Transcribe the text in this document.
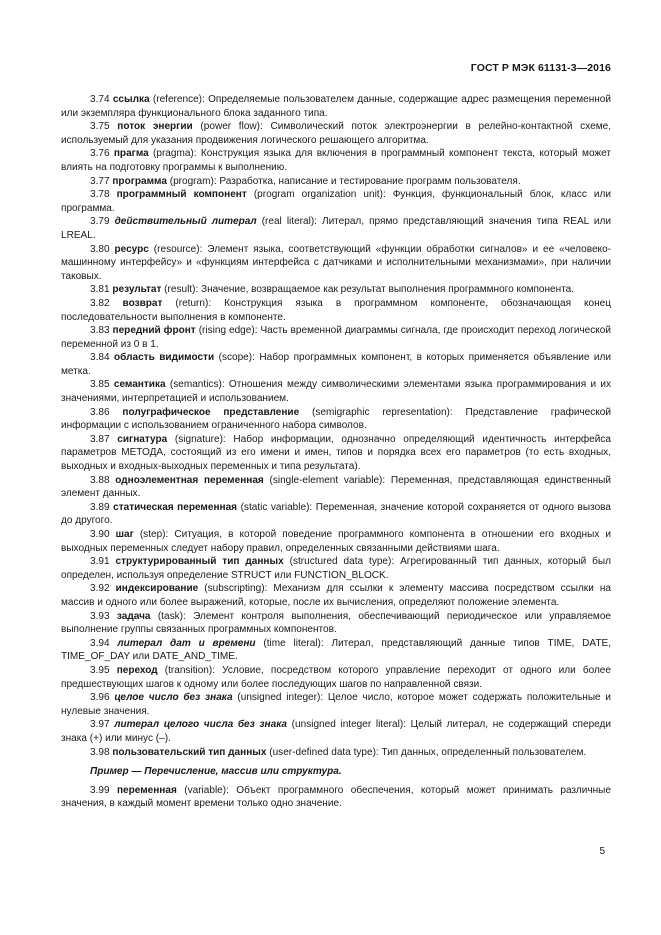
ГОСТ Р МЭК 61131-3—2016

3.74 ссылка (reference): Определяемые пользователем данные, содержащие адрес размещения переменной или экземпляра функционального блока заданного типа.

3.75 поток энергии (power flow): Символический поток электроэнергии в релейно-контактной схеме, используемый для указания продвижения логического решающего алгоритма.

3.76 прагма (pragma): Конструкция языка для включения в программный компонент текста, который может влиять на подготовку программы к выполнению.

3.77 программа (program): Разработка, написание и тестирование программ пользователя.

3.78 программный компонент (program organization unit): Функция, функциональный блок, класс или программа.

3.79 действительный литерал (real literal): Литерал, прямо представляющий значения типа REAL или LREAL.

3.80 ресурс (resource): Элемент языка, соответствующий «функции обработки сигналов» и ее «человеко-машинному интерфейсу» и «функциям интерфейса с датчиками и исполнительными механизмами», при наличии таковых.

3.81 результат (result): Значение, возвращаемое как результат выполнения программного компонента.

3.82 возврат (return): Конструкция языка в программном компоненте, обозначающая конец последовательности выполнения в компоненте.

3.83 передний фронт (rising edge): Часть временной диаграммы сигнала, где происходит переход логической переменной из 0 в 1.

3.84 область видимости (scope): Набор программных компонент, в которых применяется объявление или метка.

3.85 семантика (semantics): Отношения между символическими элементами языка программирования и их значениями, интерпретацией и использованием.

3.86 полуграфическое представление (semigraphic representation): Представление графической информации с использованием ограниченного набора символов.

3.87 сигнатура (signature): Набор информации, однозначно определяющий идентичность интерфейса параметров МЕТОДА, состоящий из его имени и имен, типов и порядка всех его параметров (то есть входных, выходных и входных-выходных переменных и типа результата).

3.88 одноэлементная переменная (single-element variable): Переменная, представляющая единственный элемент данных.

3.89 статическая переменная (static variable): Переменная, значение которой сохраняется от одного вызова до другого.

3.90 шаг (step): Ситуация, в которой поведение программного компонента в отношении его входных и выходных переменных следует набору правил, определенных связанными действиями шага.

3.91 структурированный тип данных (structured data type): Агрегированный тип данных, который был определен, используя определение STRUCT или FUNCTION_BLOCK.

3.92 индексирование (subscripting): Механизм для ссылки к элементу массива посредством ссылки на массив и одного или более выражений, которые, после их вычисления, определяют положение элемента.

3.93 задача (task): Элемент контроля выполнения, обеспечивающий периодическое или управляемое выполнение группы связанных программных компонентов.

3.94 литерал дат и времени (time literal): Литерал, представляющий данные типов TIME, DATE, TIME_OF_DAY или DATE_AND_TIME.

3.95 переход (transition): Условие, посредством которого управление переходит от одного или более предшествующих шагов к одному или более последующих шагов по направленной связи.

3.96 целое число без знака (unsigned integer): Целое число, которое может содержать положительные и нулевые значения.

3.97 литерал целого числа без знака (unsigned integer literal): Целый литерал, не содержащий спереди знака (+) или минус (–).

3.98 пользовательский тип данных (user-defined data type): Тип данных, определенный пользователем.

Пример — Перечисление, массив или структура.

3.99 переменная (variable): Объект программного обеспечения, который может принимать различные значения, в каждый момент времени только одно значение.

5
